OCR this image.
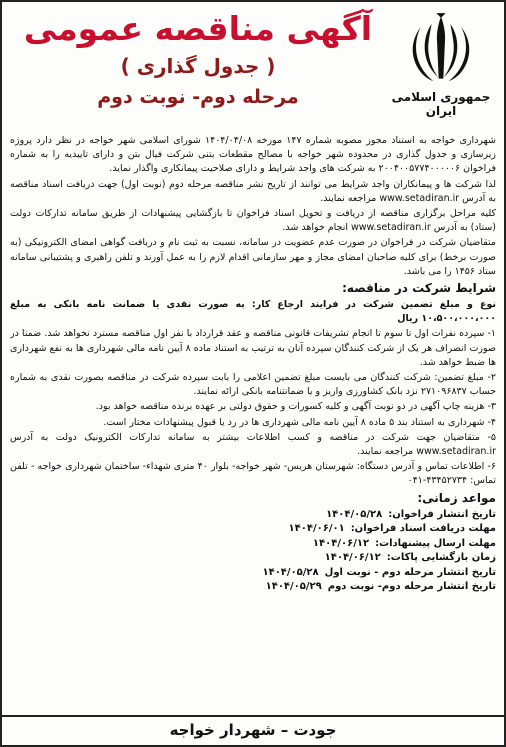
جمهوری اسلامی ایران
آگهی مناقصه عمومی
( جدول گذاری )
مرحله دوم- نوبت دوم

شهرداری خواجه به استناد مجوز مصوبه شماره ۱۴۷ مورخه ۱۴۰۴/۰۴/۰۸ شورای اسلامی شهر خواجه در نظر دارد پروژه زیرسازی و جدول گذاری در محدوده شهر خواجه با مصالح مقطعات بتنی شرکت فیال بتن و دارای تاییدیه را به شماره فراخوان ۲۰۰۴۰۰۵۷۷۴۰۰۰۰۰۶ به شرکت های واجد شرایط و دارای صلاحیت پیمانکاری واگذار نماید.

لذا شرکت ها و پیمانکاران واجد شرایط می توانند از تاریخ نشر مناقصه مرحله دوم (نوبت اول) جهت دریافت اسناد مناقصه به آدرس www.setadiran.ir مراجعه نمایند.

کلیه مراحل برگزاری مناقصه از دریافت و تحویل اسناد فراخوان تا بازگشایی پیشنهادات از طریق سامانه تدارکات دولت (ستاد) به آدرس www.setadiran.ir انجام خواهد شد.

متقاضیان شرکت در فراخوان در صورت عدم عضویت در سامانه، نسبت به ثبت نام و دریافت گواهی امضای الکترونیکی (به صورت برخط) برای کلیه صاحبان امضای مجاز و مهر سازمانی اقدام لازم را به عمل آورند و تلفن راهبری و پشتیبانی سامانه ستاد ۱۴۵۶ را می باشد.

شرایط شرکت در مناقصه:

نوع و مبلغ تضمین شرکت در فرایند ارجاع کار: به صورت نقدی یا ضمانت نامه بانکی به مبلغ ۱۰،۵۰۰،۰۰۰،۰۰۰ ریال

۱- سپرده نفرات اول تا سوم تا انجام تشریفات قانونی مناقصه و عقد قرارداد با نفر اول مناقصه مسترد نخواهد شد. ضمنا در صورت انصراف هر یک از شرکت کنندگان سپرده آنان به ترتیب به استناد ماده ۸ آیین نامه مالی شهرداری ها به نفع شهرداری ها ضبط خواهد شد.

۲- مبلغ تضمین: شرکت کنندگان می بایست مبلغ تضمین اعلامی را بابت سپرده شرکت در مناقصه بصورت نقدی به شماره حساب ۲۷۱۰۹۶۸۳۷ نزد بانک کشاورزی واریز و یا ضمانتنامه بانکی ارائه نمایند.

۳- هزینه چاپ آگهی در دو نوبت آگهی و کلیه کسورات و حقوق دولتی بر عهده برنده مناقصه خواهد بود.

۴- شهرداری به استناد بند ۵ ماده ۸ آیین نامه مالی شهرداری ها در رد یا قبول پیشنهادات مختار است.

۵- متقاضیان جهت شرکت در مناقصه و کسب اطلاعات بیشتر به سامانه تدارکات الکترونیک دولت به آدرس www.setadiran.ir مراجعه نمایند.

۶- اطلاعات تماس و آدرس دستگاه: شهرستان هریس- شهر خواجه- بلوار ۴۰ متری شهداء- ساختمان شهرداری خواجه - تلفن تماس: ۴۳۴۵۲۷۳۴-۰۴۱

مواعد زمانی:
تاریخ انتشار فراخوان:
۱۴۰۴/۰۵/۲۸
مهلت دریافت اسناد فراخوان:
۱۴۰۴/۰۶/۰۱
مهلت ارسال پیشنهادات:
۱۴۰۴/۰۶/۱۲
زمان بازگشایی پاکات:
۱۴۰۴/۰۶/۱۲
تاریخ انتشار مرحله دوم - نوبت اول
۱۴۰۴/۰۵/۲۸
تاریخ انتشار مرحله دوم- نوبت دوم
۱۴۰۴/۰۵/۲۹
جودت – شهردار خواجه
